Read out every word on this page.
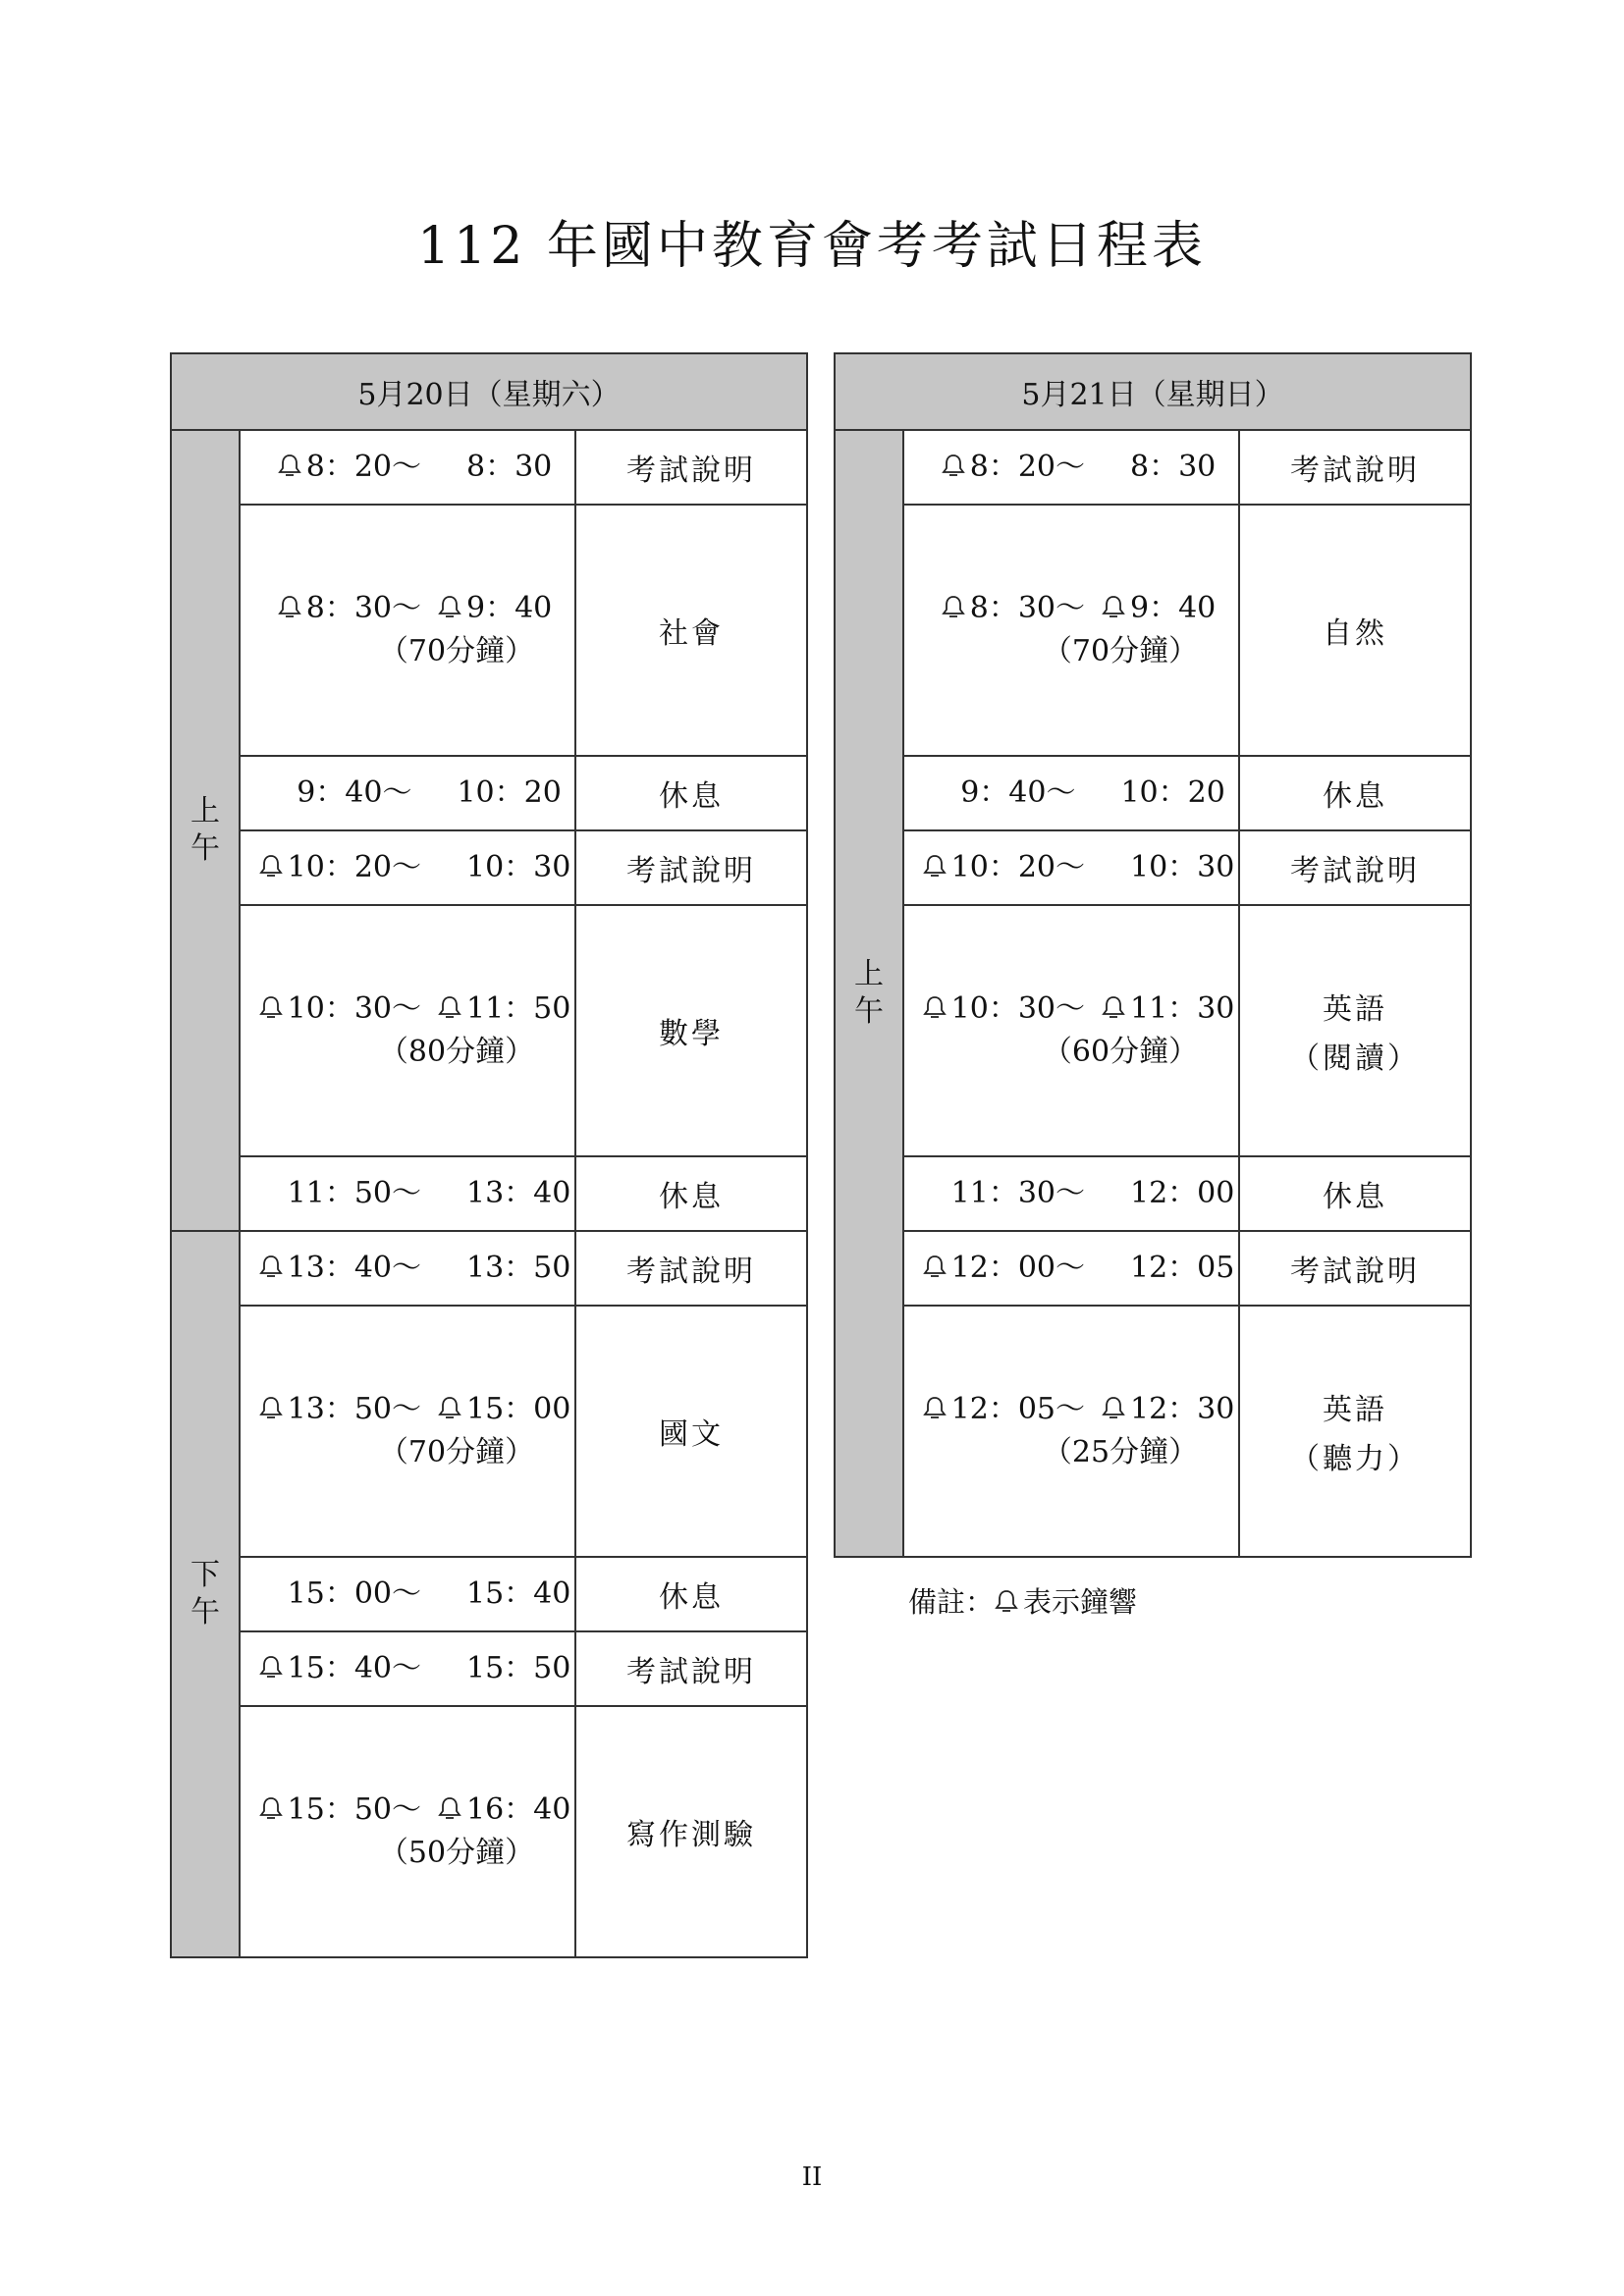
112 年國中教育會考考試日程表
5月20日（星期六）		
上
午	8：20～ 8：30	考試說明

	8：30～ 9：40
（70分鐘）	社會

	9：40～ 10：20	休息

	10：20～ 10：30	考試說明

	10：30～ 11：50
（80分鐘）	數學

	11：50～ 13：40	休息

下
午	13：40～ 13：50	考試說明

	13：50～ 15：00
（70分鐘）	國文

	15：00～ 15：40	休息

	15：40～ 15：50	考試說明

	15：50～ 16：40
（50分鐘）	寫作測驗
5月21日（星期日）		
上
午	8：20～ 8：30	考試說明

	8：30～ 9：40
（70分鐘）	自然

	9：40～ 10：20	休息

	10：20～ 10：30	考試說明

	10：30～ 11：30
（60分鐘）	英語
（閱讀）

	11：30～ 12：00	休息

	12：00～ 12：05	考試說明

	12：05～ 12：30
（25分鐘）	英語
（聽力）
備註： 表示鐘響
II
